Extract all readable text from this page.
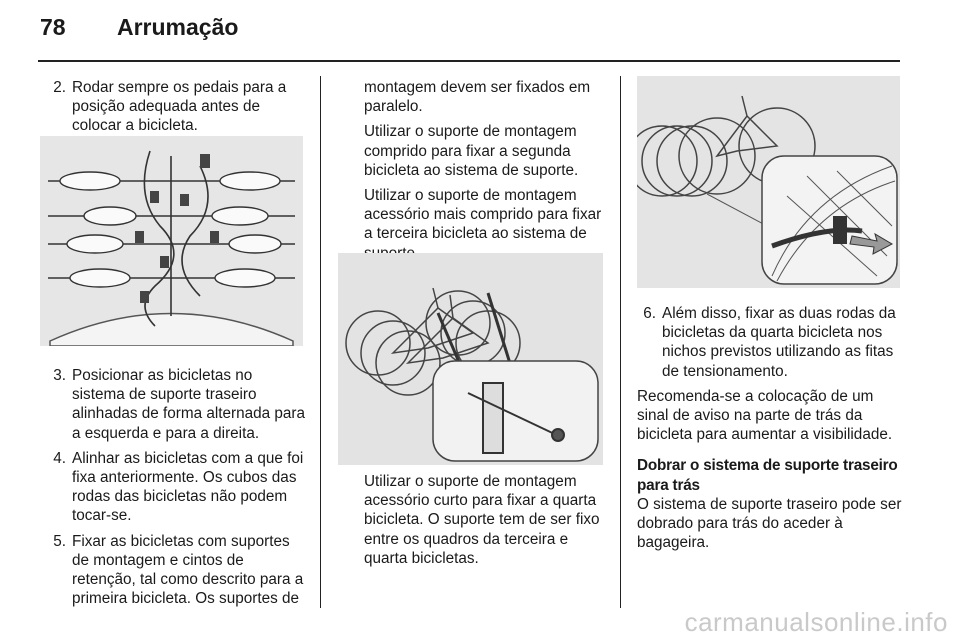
78 Arrumação
2. Rodar sempre os pedais para a posição adequada antes de colocar a bicicleta.
3. Posicionar as bicicletas no sistema de suporte traseiro alinhadas de forma alternada para a esquerda e para a direita.
4. Alinhar as bicicletas com a que foi fixa anteriormente. Os cubos das rodas das bicicletas não podem tocar-se.
5. Fixar as bicicletas com suportes de montagem e cintos de retenção, tal como descrito para a primeira bicicleta. Os suportes de

montagem devem ser fixados em paralelo.

Utilizar o suporte de montagem comprido para fixar a segunda bicicleta ao sistema de suporte.

Utilizar o suporte de montagem acessório mais comprido para fixar a terceira bicicleta ao sistema de

Utilizar o suporte de montagem acessório curto para fixar a quarta bicicleta. O suporte tem de ser fixo entre os quadros da terceira e quarta bicicletas.

6. Além disso, fixar as duas rodas da bicicletas da quarta bicicleta nos nichos previstos utilizando as fitas de tensionamento.

Recomenda-se a colocação de um sinal de aviso na parte de trás da bicicleta para aumentar a visibilidade.

Dobrar o sistema de suporte traseiro para trás

O sistema de suporte traseiro pode ser dobrado para trás do aceder à bagageira.

carmanualsonline.info
